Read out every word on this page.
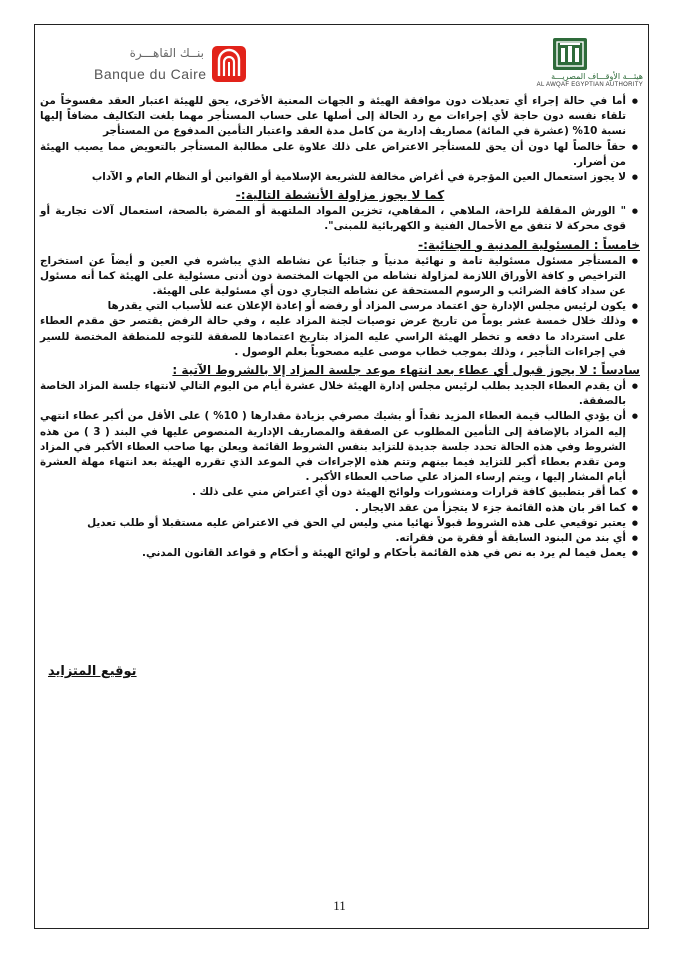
بنــك القاهـــرة
Banque du Caire	هيئـــة الأوقـــاف المصريـــة
AL AWQAF EGYPTIAN AUTHORITY
● أما في حالة إجراء أي تعديلات دون موافقة الهيئة و الجهات المعنية الأخرى، يحق للهيئة اعتبار العقد مفسوخاً من تلقاء نفسه دون حاجة لأي إجراءات مع رد الحالة إلى أصلها على حساب المستأجر مهما بلغت التكاليف مضافاً إليها نسبة 10% (عشرة في المائة) مصاريف إدارية من كامل مدة العقد واعتبار التأمين المدفوع من المستأجر
● حقاً خالصاً لها دون أن يحق للمستأجر الاعتراض على ذلك علاوة على مطالبة المستأجر بالتعويض مما يصيب الهيئة من أضرار.
● لا يجوز استعمال العين المؤجرة في أغراض مخالفة للشريعة الإسلامية أو القوانين أو النظام العام و الآداب
كما لا يجوز مزاولة الأنشطة التالية:-
● " الورش المقلقة للراحة، الملاهي ، المقاهي، تخزين المواد الملتهبة أو المضرة بالصحة، استعمال آلات تجارية أو قوى محركة لا تتفق مع الأحمال الفنية و الكهربائية للمبنى".
خامساً : المسئولية المدنية و الجنائية:-
● المستأجر مسئول مسئولية تامة و نهائية مدنياً و جنائياً عن نشاطه الذي يباشره في العين و أيضاً عن استخراج التراخيص و كافة الأوراق اللازمة لمزاولة نشاطه من الجهات المختصة دون أدنى مسئولية على الهيئة كما أنه مسئول عن سداد كافة الضرائب و الرسوم المستحقة عن نشاطه التجاري دون أي مسئولية على الهيئة.
● يكون لرئيس مجلس الإدارة حق اعتماد مرسى المزاد أو رفضه أو إعادة الإعلان عنه للأسباب التي يقدرها
● وذلك خلال خمسة عشر يوماً من تاريخ عرض توصيات لجنة المزاد عليه ، وفي حالة الرفض يقتصر حق مقدم العطاء على استرداد ما دفعه و تخطر الهيئة الراسي عليه المزاد بتاريخ اعتمادها للصفقة للتوجه للمنطقة المختصة للسير في إجراءات التأجير ، وذلك بموجب خطاب موصى عليه مصحوباً بعلم الوصول .
سادساً : لا يجوز قبول أي عطاء بعد انتهاء موعد جلسة المزاد إلا بالشروط الآتية :
● أن يقدم العطاء الجديد بطلب لرئيس مجلس إدارة الهيئة خلال عشرة أيام من اليوم التالي لانتهاء جلسة المزاد الخاصة بالصفقة.
● أن يؤدي الطالب قيمة العطاء المزيد نقداً أو بشيك مصرفي بزيادة مقدارها ( 10% ) على الأقل من أكبر عطاء انتهي إليه المزاد بالإضافة إلى التأمين المطلوب عن الصفقة والمصاريف الإدارية المنصوص عليها في البند ( 3 ) من هذه الشروط وفي هذه الحالة تحدد جلسة جديدة للتزايد بنفس الشروط القائمة ويعلن بها صاحب العطاء الأكبر في المزاد ومن تقدم بعطاء أكبر للتزايد فيما بينهم وتتم هذه الإجراءات في الموعد الذي تقرره الهيئة بعد انتهاء مهلة العشرة أيام المشار إليها ، ويتم إرساء المزاد علي صاحب العطاء الأكبر .
● كما أقر بتطبيق كافة قرارات ومنشورات ولوائح الهيئة دون أي اعتراض مني على ذلك .
● كما اقر بان هذه القائمة جزء لا يتجزأ من عقد الايجار .
● يعتبر توقيعي على هذه الشروط قبولاً نهائيا مني وليس لي الحق في الاعتراض عليه مستقبلا أو طلب تعديل
● أي بند من البنود السابقة أو فقرة من فقراته.
● يعمل فيما لم يرد به نص في هذه القائمة بأحكام و لوائح الهيئة و أحكام و قواعد القانون المدني.
توقيع المتزايد
11
